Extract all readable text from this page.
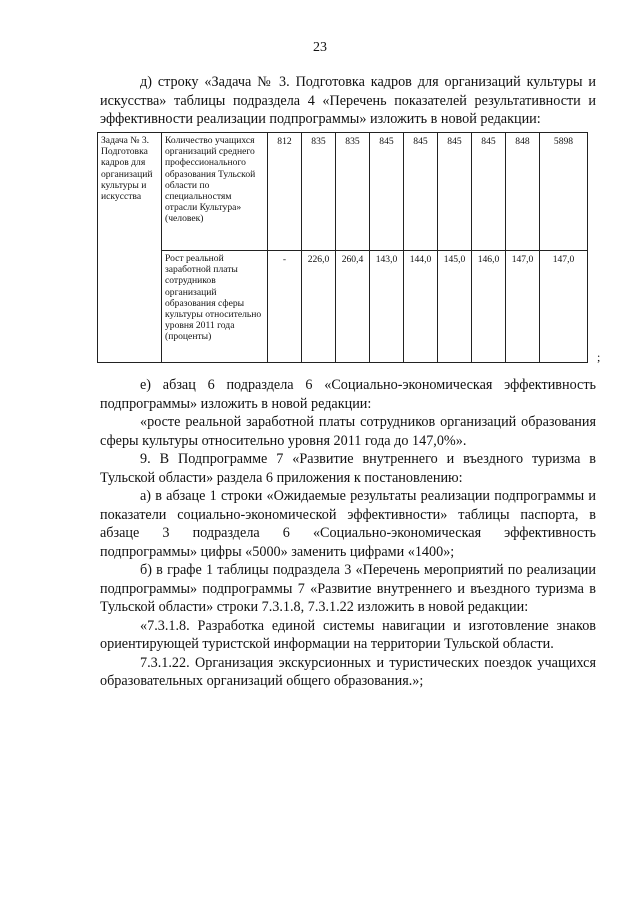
23

д) строку «Задача № 3. Подготовка кадров для организаций культуры и искусства» таблицы подраздела 4 «Перечень показателей результативности и эффективности реализации подпрограммы» изложить в новой редакции:

Задача № 3. Подготовка кадров для организаций культуры и искусства	Количество учащихся организаций среднего профессионального образования Тульской области по специальностям отрасли Культура» (человек)	812	835	835	845	845	845	845	848	5898
	Рост реальной заработной платы сотрудников организаций образования сферы культуры относительно уровня 2011 года (проценты)	-	226,0	260,4	143,0	144,0	145,0	146,0	147,0	147,0
;

е) абзац 6 подраздела 6 «Социально-экономическая эффективность подпрограммы» изложить в новой редакции:

«росте реальной заработной платы сотрудников организаций образования сферы культуры относительно уровня 2011 года до 147,0%».

9. В Подпрограмме 7 «Развитие внутреннего и въездного туризма в Тульской области» раздела 6 приложения к постановлению:

а) в абзаце 1 строки «Ожидаемые результаты реализации подпрограммы и показатели социально-экономической эффективности» таблицы паспорта, в абзаце 3 подраздела 6 «Социально-экономическая эффективность подпрограммы» цифры «5000» заменить цифрами «1400»;

б) в графе 1 таблицы подраздела 3 «Перечень мероприятий по реализации подпрограммы» подпрограммы 7 «Развитие внутреннего и въездного туризма в Тульской области» строки 7.3.1.8, 7.3.1.22 изложить в новой редакции:

«7.3.1.8. Разработка единой системы навигации и изготовление знаков ориентирующей туристской информации на территории Тульской области.

7.3.1.22. Организация экскурсионных и туристических поездок учащихся образовательных организаций общего образования.»;
